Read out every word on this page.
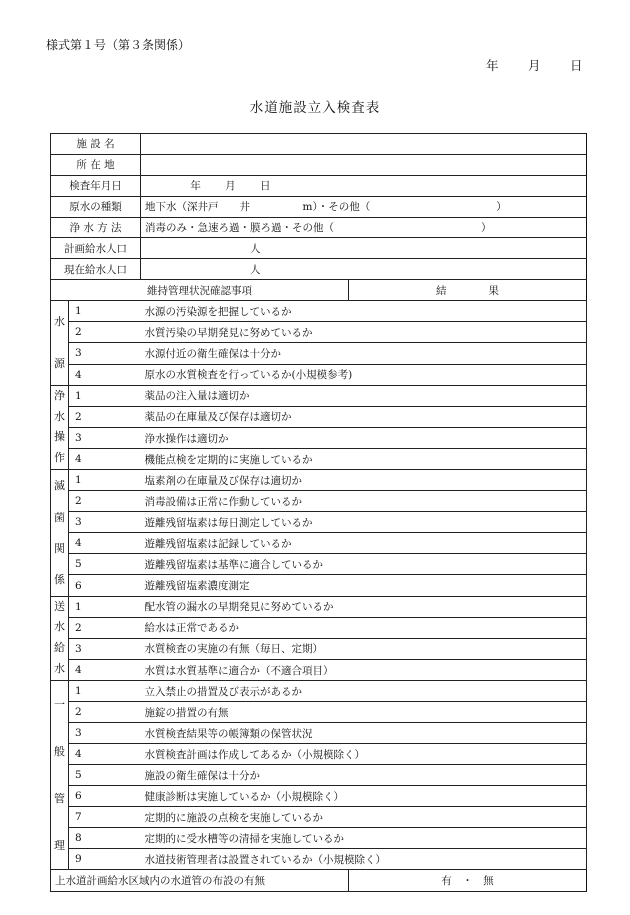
様式第１号（第３条関係）
年 月 日
水道施設立入検査表
施 設 名				
所 在 地				
検査年月日		　　　　 年　　 月　　 日		
原水の種類		地下水（深井戸　　井　　　　　m）・その他（　　　　　　　　　　　　）		
浄 水 方 法		消毒のみ・急速ろ過・膜ろ過・その他（　　　　　　　　　　　　　　）		
計画給水人口		　　　　　　　　　　人		
現在給水人口		　　　　　　　　　　人		
維持管理状況確認事項			結　　　　果	

水
源	1	水源の汚染源を把握しているか		
	2	水質汚染の早期発見に努めているか		
	3	水源付近の衛生確保は十分か		
	4	原水の水質検査を行っているか(小規模参考)		

浄
水
操
作	1	薬品の注入量は適切か		
	2	薬品の在庫量及び保存は適切か		
	3	浄水操作は適切か		
	4	機能点検を定期的に実施しているか	

滅
菌
関
係	1	塩素剤の在庫量及び保存は適切か		
	2	消毒設備は正常に作動しているか		
	3	遊離残留塩素は毎日測定しているか	
	4	遊離残留塩素は記録しているか		
	5	遊離残留塩素は基準に適合しているか		
	6	遊離残留塩素濃度測定	

送
水
給
水	1	配水管の漏水の早期発見に努めているか		
	2	給水は正常であるか		
	3	水質検査の実施の有無（毎日、定期）	
	4	水質は水質基準に適合か（不適合項目）		

一
般
管
理	1	立入禁止の措置及び表示があるか		
	2	施錠の措置の有無	
	3	水質検査結果等の帳簿類の保管状況		
	4	水質検査計画は作成してあるか（小規模除く）		
	5	施設の衛生確保は十分か		
	6	健康診断は実施しているか（小規模除く）		
	7	定期的に施設の点検を実施しているか	
	8	定期的に受水槽等の清掃を実施しているか		
	9	水道技術管理者は設置されているか（小規模除く）		
上水道計画給水区域内の水道管の布設の有無			有　・　無	
